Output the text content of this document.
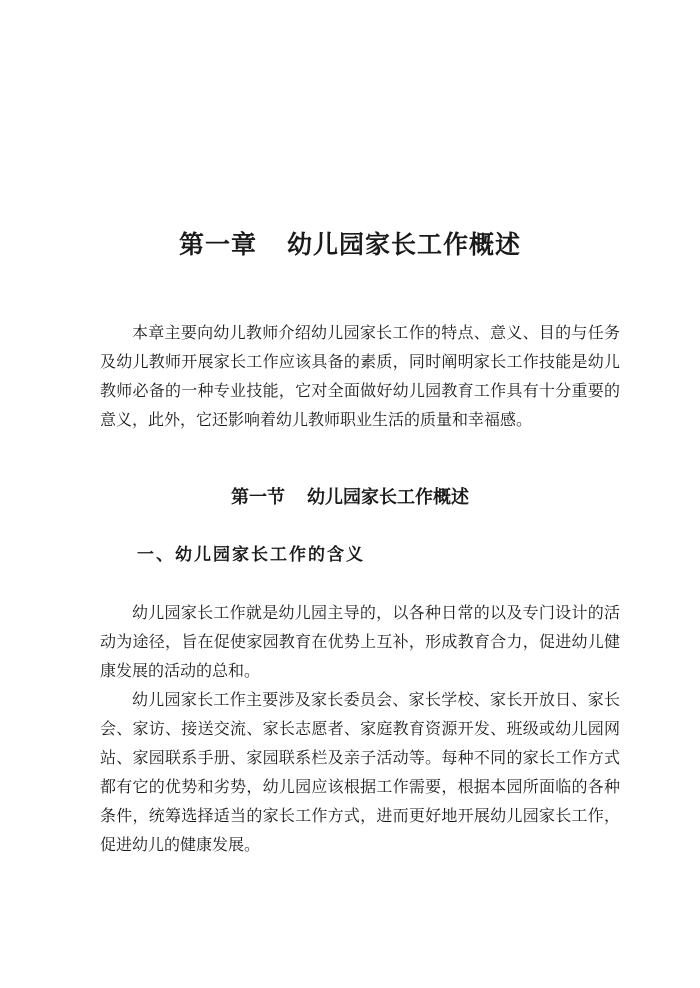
第一章 幼儿园家长工作概述

本章主要向幼儿教师介绍幼儿园家长工作的特点、意义、目的与任务及幼儿教师开展家长工作应该具备的素质，同时阐明家长工作技能是幼儿教师必备的一种专业技能，它对全面做好幼儿园教育工作具有十分重要的意义，此外，它还影响着幼儿教师职业生活的质量和幸福感。

第一节 幼儿园家长工作概述
一、幼儿园家长工作的含义

幼儿园家长工作就是幼儿园主导的，以各种日常的以及专门设计的活动为途径，旨在促使家园教育在优势上互补，形成教育合力，促进幼儿健康发展的活动的总和。

幼儿园家长工作主要涉及家长委员会、家长学校、家长开放日、家长会、家访、接送交流、家长志愿者、家庭教育资源开发、班级或幼儿园网站、家园联系手册、家园联系栏及亲子活动等。每种不同的家长工作方式都有它的优势和劣势，幼儿园应该根据工作需要，根据本园所面临的各种条件，统筹选择适当的家长工作方式，进而更好地开展幼儿园家长工作，促进幼儿的健康发展。
